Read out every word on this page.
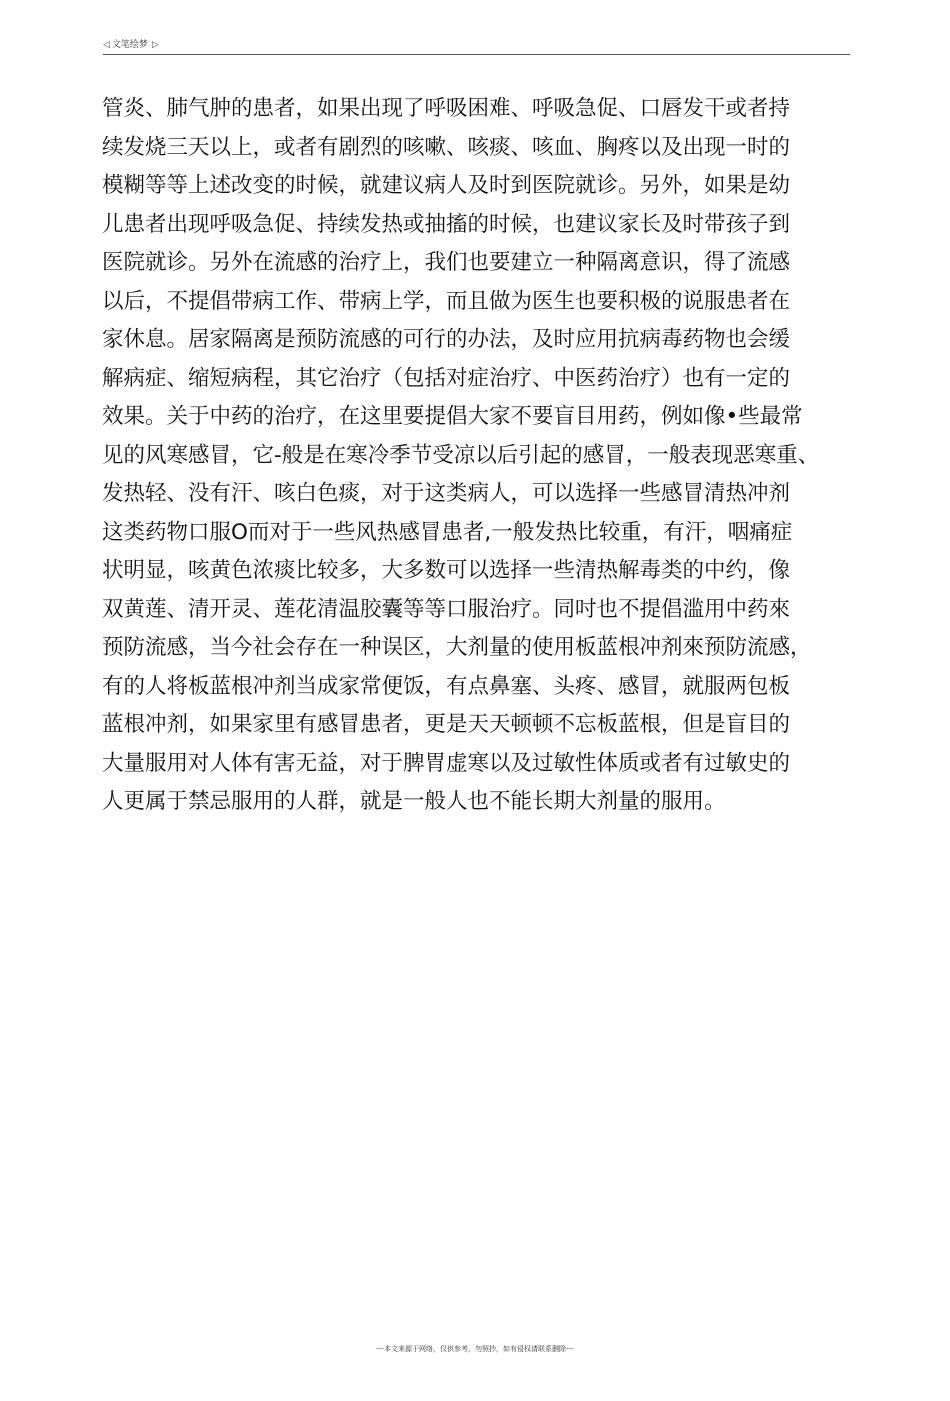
◁ 文笔绘梦 ▷
管炎、肺气肿的患者，如果出现了呼吸困难、呼吸急促、口唇发干或者持
续发烧三天以上，或者有剧烈的咳嗽、咳痰、咳血、胸疼以及出现一时的
模糊等等上述改变的时候，就建议病人及时到医院就诊。另外，如果是幼
儿患者出现呼吸急促、持续发热或抽搐的时候，也建议家长及时带孩子到
医院就诊。另外在流感的治疗上，我们也要建立一种隔离意识，得了流感
以后，不提倡带病工作、带病上学，而且做为医生也要积极的说服患者在
家休息。居家隔离是预防流感的可行的办法，及时应用抗病毒药物也会缓
解病症、缩短病程，其它治疗（包括对症治疗、中医药治疗）也有一定的
效果。关于中药的治疗，在这里要提倡大家不要盲目用药，例如像•些最常
见的风寒感冒，它-般是在寒冷季节受凉以后引起的感冒，一般表现恶寒重、
发热轻、没有汗、咳白色痰，对于这类病人，可以选择一些感冒清热冲剂
这类药物口服O而对于一些风热感冒患者,一般发热比较重，有汗，咽痛症
状明显，咳黄色浓痰比较多，大多数可以选择一些清热解毒类的中约，像
双黄莲、清开灵、莲花清温胶囊等等口服治疗。同吋也不提倡滥用中药來
预防流感，当今社会存在一种误区，大剂量的使用板蓝根冲剂來预防流感，
有的人将板蓝根冲剂当成家常便饭，有点鼻塞、头疼、感冒，就服两包板
蓝根冲剂，如果家里有感冒患者，更是天天顿顿不忘板蓝根，但是盲目的
大量服用对人体有害无益，对于脾胃虚寒以及过敏性体质或者有过敏史的
人更属于禁忌服用的人群，就是一般人也不能长期大剂量的服用。
---本文来源于网络，仅供参考，勿照抄，如有侵权请联系删除---
